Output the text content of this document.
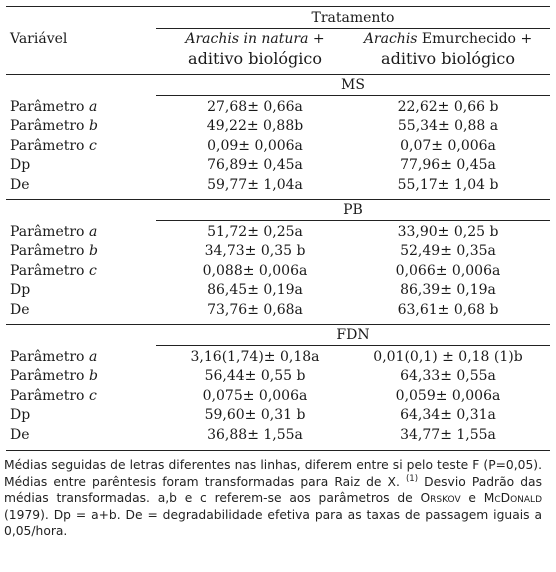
Tratamento
Variável	Arachis in natura +
aditivo biológico
Arachis Emurchecido +
aditivo biológico
MS
Parâmetro a	27,68± 0,66a	22,62± 0,66 b
Parâmetro b	49,22± 0,88b	55,34± 0,88 a
Parâmetro c	0,09± 0,006a	0,07± 0,006a
Dp	76,89± 0,45a	77,96± 0,45a
De	59,77± 1,04a	55,17± 1,04 b
PB
Parâmetro a	51,72± 0,25a	33,90± 0,25 b
Parâmetro b	34,73± 0,35 b	52,49± 0,35a
Parâmetro c	0,088± 0,006a	0,066± 0,006a
Dp	86,45± 0,19a	86,39± 0,19a
De	73,76± 0,68a	63,61± 0,68 b
FDN
Parâmetro a	3,16(1,74)± 0,18a	0,01(0,1) ± 0,18 (1)b
Parâmetro b	56,44± 0,55 b	64,33± 0,55a
Parâmetro c	0,075± 0,006a	0,059± 0,006a
Dp	59,60± 0,31 b	64,34± 0,31a
De	36,88± 1,55a	34,77± 1,55a

Médias seguidas de letras diferentes nas linhas, diferem entre si pelo teste F (P=0,05). Médias entre parêntesis foram transformadas para Raiz de X. $^{(1)}$ Desvio Padrão das médias transformadas. a,b e c referem-se aos parâmetros de Orskov e McDonald (1979). Dp = a+b. De = degradabilidade efetiva para as taxas de passagem iguais a 0,05/hora.
